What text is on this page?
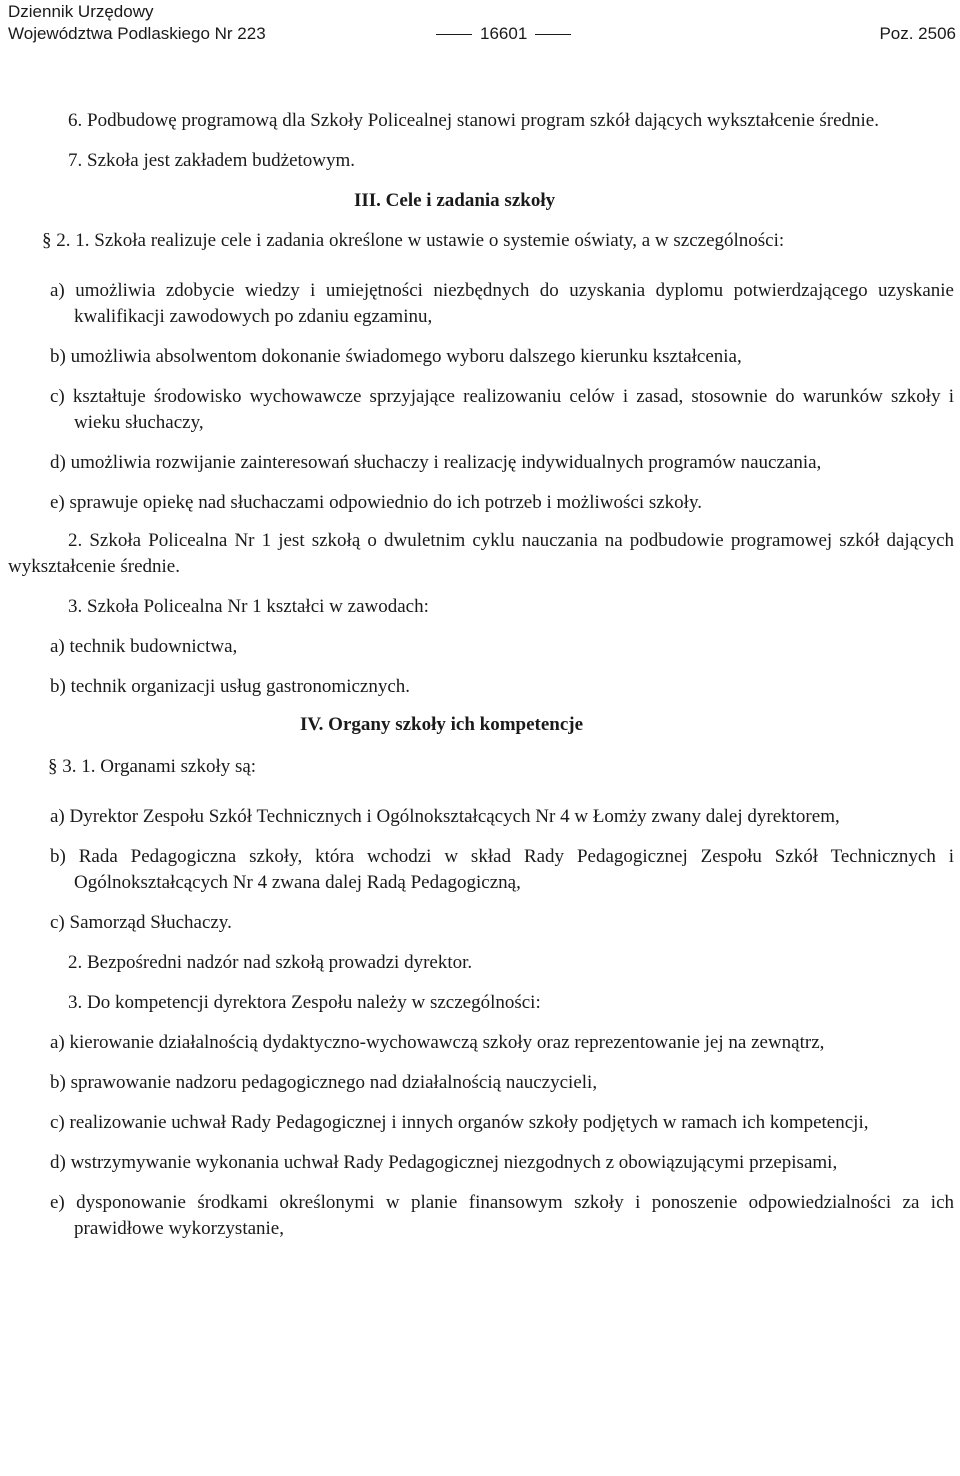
Dziennik Urzędowy
Województwa Podlaskiego Nr 223	16601	Poz. 2506

6. Podbudowę programową dla Szkoły Policealnej stanowi program szkół dających wykształcenie średnie.

7. Szkoła jest zakładem budżetowym.

III. Cele i zadania szkoły

§ 2. 1. Szkoła realizuje cele i zadania określone w ustawie o systemie oświaty, a w szczególności:

a) umożliwia zdobycie wiedzy i umiejętności niezbędnych do uzyskania dyplomu potwierdzającego uzyskanie kwalifikacji zawodowych po zdaniu egzaminu,

b) umożliwia absolwentom dokonanie świadomego wyboru dalszego kierunku kształcenia,

c) kształtuje środowisko wychowawcze sprzyjające realizowaniu celów i zasad, stosownie do warunków szkoły i wieku słuchaczy,

d) umożliwia rozwijanie zainteresowań słuchaczy i realizację indywidualnych programów nauczania,

e) sprawuje opiekę nad słuchaczami odpowiednio do ich potrzeb i możliwości szkoły.

2. Szkoła Policealna Nr 1 jest szkołą o dwuletnim cyklu nauczania na podbudowie programowej szkół dających wykształcenie średnie.

3. Szkoła Policealna Nr 1 kształci w zawodach:

a) technik budownictwa,

b) technik organizacji usług gastronomicznych.

IV. Organy szkoły ich kompetencje

§ 3. 1. Organami szkoły są:

a) Dyrektor Zespołu Szkół Technicznych i Ogólnokształcących Nr 4 w Łomży zwany dalej dyrektorem,

b) Rada Pedagogiczna szkoły, która wchodzi w skład Rady Pedagogicznej Zespołu Szkół Technicznych i Ogólnokształcących Nr 4 zwana dalej Radą Pedagogiczną,

c) Samorząd Słuchaczy.

2. Bezpośredni nadzór nad szkołą prowadzi dyrektor.

3. Do kompetencji dyrektora Zespołu należy w szczególności:

a) kierowanie działalnością dydaktyczno-wychowawczą szkoły oraz reprezentowanie jej na zewnątrz,

b) sprawowanie nadzoru pedagogicznego nad działalnością nauczycieli,

c) realizowanie uchwał Rady Pedagogicznej i innych organów szkoły podjętych w ramach ich kompetencji,

d) wstrzymywanie wykonania uchwał Rady Pedagogicznej niezgodnych z obowiązującymi przepisami,

e) dysponowanie środkami określonymi w planie finansowym szkoły i ponoszenie odpowiedzialności za ich prawidłowe wykorzystanie,
